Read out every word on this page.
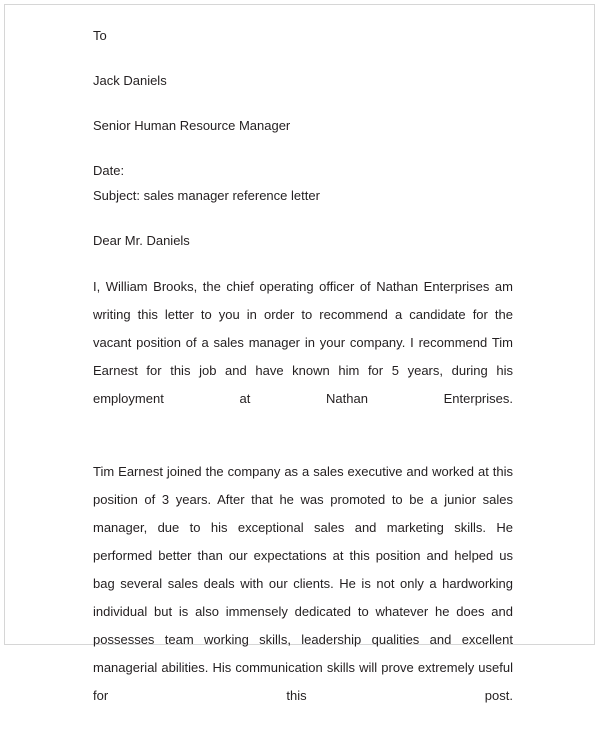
To

Jack Daniels

Senior Human Resource Manager

Date:

Subject: sales manager reference letter

Dear Mr. Daniels

I, William Brooks, the chief operating officer of Nathan Enterprises am writing this letter to you in order to recommend a candidate for the vacant position of a sales manager in your company. I recommend Tim Earnest for this job and have known him for 5 years, during his employment at Nathan Enterprises.

Tim Earnest joined the company as a sales executive and worked at this position of 3 years. After that he was promoted to be a junior sales manager, due to his exceptional sales and marketing skills. He performed better than our expectations at this position and helped us bag several sales deals with our clients. He is not only a hardworking individual but is also immensely dedicated to whatever he does and possesses team working skills, leadership qualities and excellent managerial abilities. His communication skills will prove extremely useful for this post.
